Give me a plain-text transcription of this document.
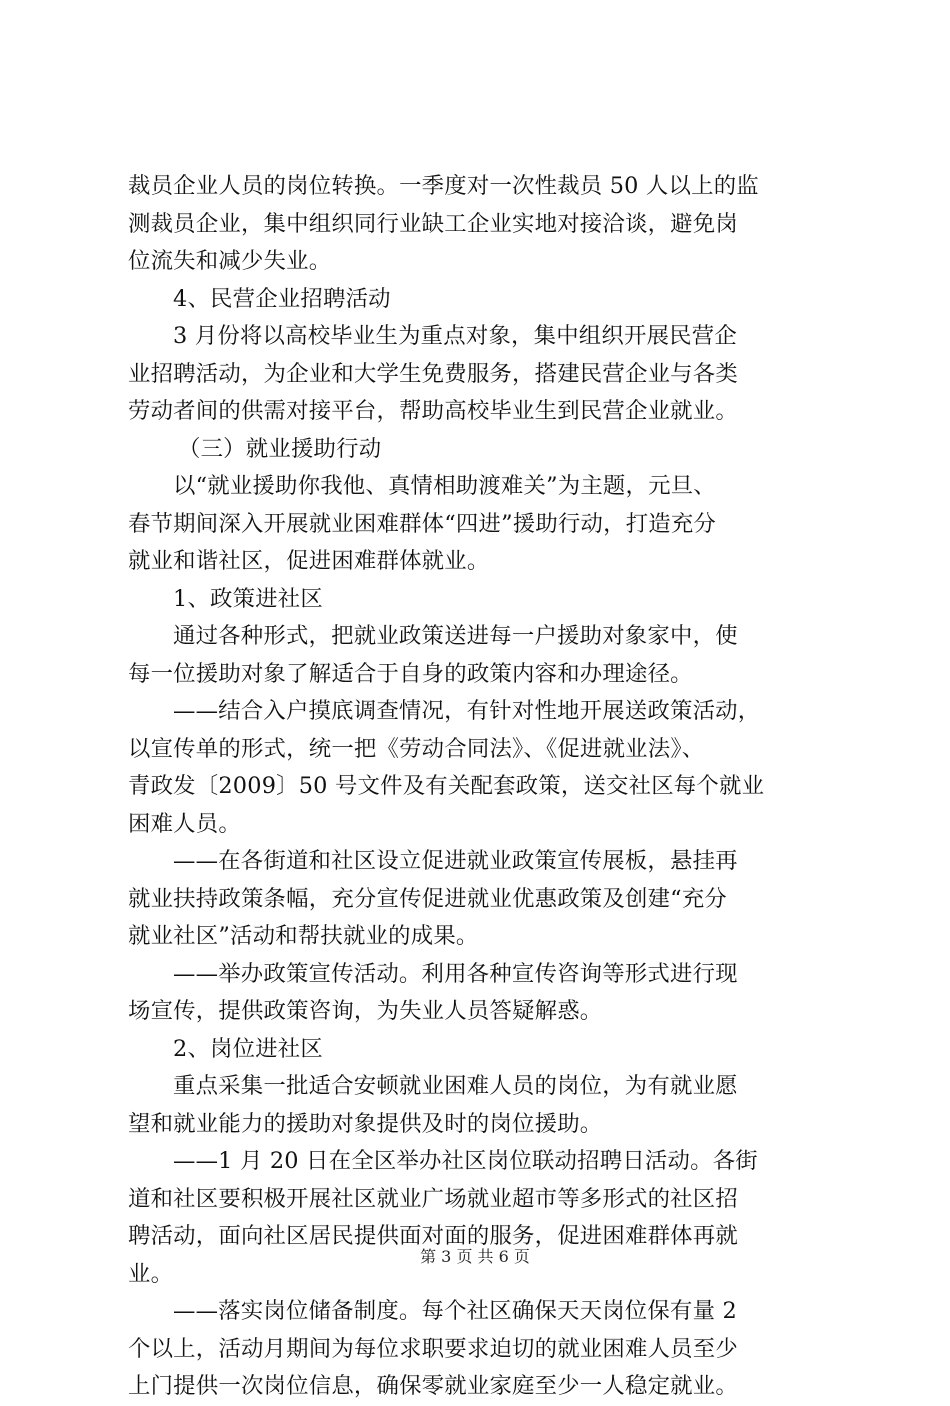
裁员企业人员的岗位转换。一季度对一次性裁员 50 人以上的监
测裁员企业，集中组织同行业缺工企业实地对接洽谈，避免岗
位流失和减少失业。
4、民营企业招聘活动
3 月份将以高校毕业生为重点对象，集中组织开展民营企
业招聘活动，为企业和大学生免费服务，搭建民营企业与各类
劳动者间的供需对接平台，帮助高校毕业生到民营企业就业。
（三）就业援助行动
以“就业援助你我他、真情相助渡难关”为主题，元旦、
春节期间深入开展就业困难群体“四进”援助行动，打造充分
就业和谐社区，促进困难群体就业。
1、政策进社区
通过各种形式，把就业政策送进每一户援助对象家中，使
每一位援助对象了解适合于自身的政策内容和办理途径。
——结合入户摸底调查情况，有针对性地开展送政策活动，
以宣传单的形式，统一把《劳动合同法》、《促进就业法》、
青政发〔2009〕50 号文件及有关配套政策，送交社区每个就业
困难人员。
——在各街道和社区设立促进就业政策宣传展板，悬挂再
就业扶持政策条幅，充分宣传促进就业优惠政策及创建“充分
就业社区”活动和帮扶就业的成果。
——举办政策宣传活动。利用各种宣传咨询等形式进行现
场宣传，提供政策咨询，为失业人员答疑解惑。
2、岗位进社区
重点采集一批适合安顿就业困难人员的岗位，为有就业愿
望和就业能力的援助对象提供及时的岗位援助。
——1 月 20 日在全区举办社区岗位联动招聘日活动。各街
道和社区要积极开展社区就业广场就业超市等多形式的社区招
聘活动，面向社区居民提供面对面的服务，促进困难群体再就
业。
——落实岗位储备制度。每个社区确保天天岗位保有量 2
个以上，活动月期间为每位求职要求迫切的就业困难人员至少
上门提供一次岗位信息，确保零就业家庭至少一人稳定就业。
第 3 页 共 6 页
